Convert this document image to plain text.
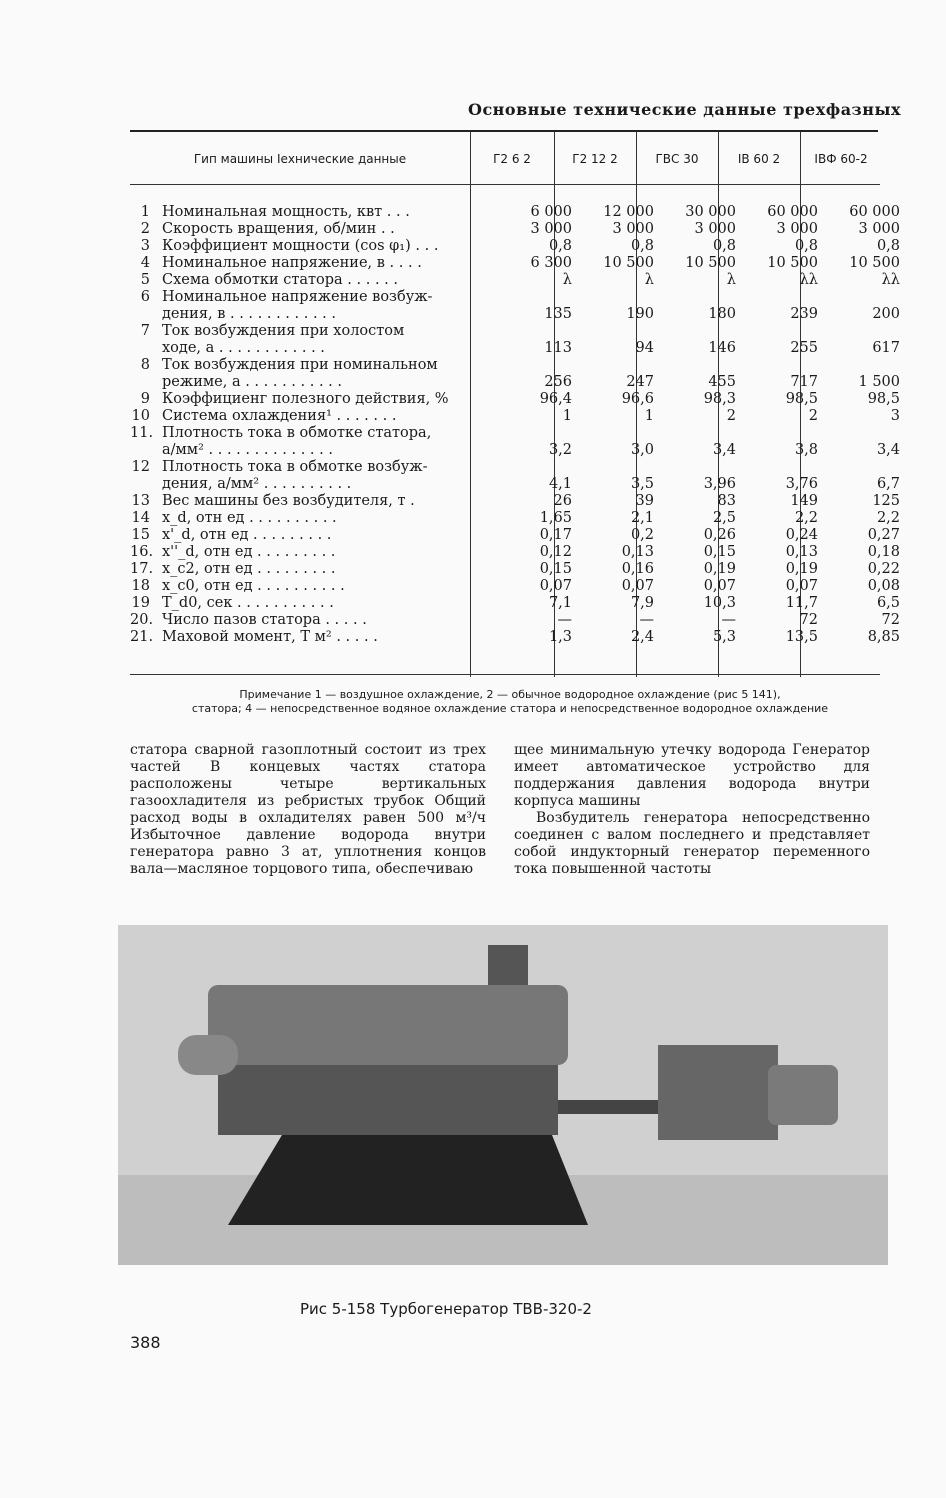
Основные технические данные трехфазных
Гип машины Iехнические данные	Г2 6 2	Г2 12 2	ГВС 30	IВ 60 2	IВФ 60-2
1 Номинальная мощность, квт . . .	6 000	12 000	30 000	60 000	60 000
2 Скорость вращения, об/мин . .	3 000	3 000	3 000	3 000	3 000
3 Коэффициент мощности (cos φ₁) . . .	0,8	0,8	0,8	0,8	0,8
4 Номинальное напряжение, в . . . .	6 300	10 500	10 500	10 500	10 500
5 Схема обмотки статора . . . . . .	λ	λ	λ	λλ	λλ
6 Номинальное напряжение возбуж-
дения, в . . . . . . . . . . . .	135	190	180	239	200
7 Ток возбуждения при холостом
ходе, а . . . . . . . . . . . .	113	94	146	255	617
8 Ток возбуждения при номинальном
режиме, а . . . . . . . . . . .	256	247	455	717	1 500
9 Коэффициенг полезного действия, %	96,4	96,6	98,3	98,5	98,5
10 Система охлаждения¹ . . . . . . .	1	1	2	2	3
11. Плотность тока в обмотке статора,
а/мм² . . . . . . . . . . . . . .	3,2	3,0	3,4	3,8	3,4
12 Плотность тока в обмотке возбуж-
дения, а/мм² . . . . . . . . . .	4,1	3,5	3,96	3,76	6,7
13 Вес машины без возбудителя, т .	26	39	83	149	125
14 x_d, отн ед . . . . . . . . . .	1,65	2,1	2,5	2,2	2,2
15 x'_d, отн ед . . . . . . . . .	0,17	0,2	0,26	0,24	0,27
16. x''_d, отн ед . . . . . . . . .	0,12	0,13	0,15	0,13	0,18
17. x_c2, отн ед . . . . . . . . .	0,15	0,16	0,19	0,19	0,22
18 x_c0, отн ед . . . . . . . . . .	0,07	0,07	0,07	0,07	0,08
19 T_d0, сек . . . . . . . . . . .	7,1	7,9	10,3	11,7	6,5
20. Число пазов статора . . . . .	—	—	—	72	72
21. Маховой момент, Т м² . . . . .	1,3	2,4	5,3	13,5	8,85
Примечание 1 — воздушное охлаждение, 2 — обычное водородное охлаждение (рис 5 141),
статора; 4 — непосредственное водяное охлаждение статора и непосредственное водородное охлаждение
статора сварной газоплотный состоит из трех частей В концевых частях статора расположены четыре вертикальных газоохладителя из ребристых трубок Общий расход воды в охладителях равен 500 м³/ч Избыточное давление водорода внутри генератора равно 3 ат, уплотнения концов вала—масляное торцового типа, обеспечиваю
щее минимальную утечку водорода Генератор имеет автоматическое устройство для поддержания давления водорода внутри корпуса машины
Возбудитель генератора непосредственно соединен с валом последнего и представляет собой индукторный генератор переменного тока повышенной частоты
Рис 5-158 Турбогенератор ТВВ-320-2
388
